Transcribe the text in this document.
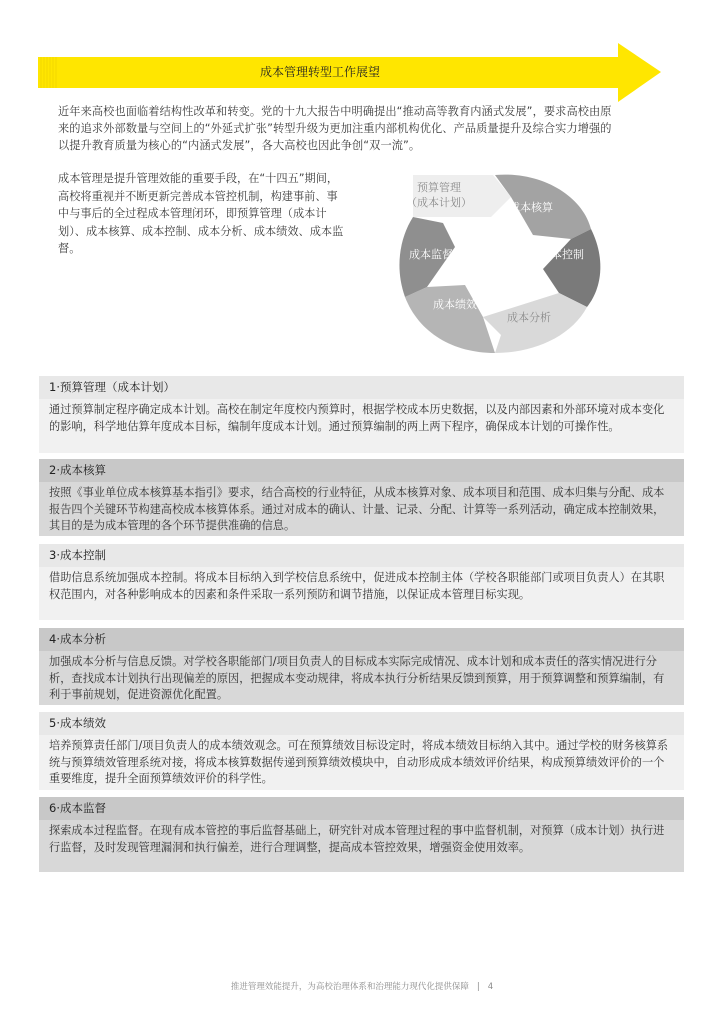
成本管理转型工作展望

近年来高校也面临着结构性改革和转变。党的十九大报告中明确提出“推动高等教育内涵式发展”，要求高校由原来的追求外部数量与空间上的“外延式扩张”转型升级为更加注重内部机构优化、产品质量提升及综合实力增强的以提升教育质量为核心的“内涵式发展”，各大高校也因此争创“双一流”。

成本管理是提升管理效能的重要手段，在“十四五”期间，高校将重视并不断更新完善成本管控机制，构建事前、事中与事后的全过程成本管理闭环，即预算管理（成本计划）、成本核算、成本控制、成本分析、成本绩效、成本监督。

预算管理
（成本计划）	成本核算
成本控制
成本分析
成本绩效
成本监督
1·预算管理（成本计划）
通过预算制定程序确定成本计划。高校在制定年度校内预算时，根据学校成本历史数据，以及内部因素和外部环境对成本变化的影响，科学地估算年度成本目标，编制年度成本计划。通过预算编制的两上两下程序，确保成本计划的可操作性。
2·成本核算
按照《事业单位成本核算基本指引》要求，结合高校的行业特征，从成本核算对象、成本项目和范围、成本归集与分配、成本报告四个关键环节构建高校成本核算体系。通过对成本的确认、计量、记录、分配、计算等一系列活动，确定成本控制效果，其目的是为成本管理的各个环节提供准确的信息。
3·成本控制
借助信息系统加强成本控制。将成本目标纳入到学校信息系统中，促进成本控制主体（学校各职能部门或项目负责人）在其职权范围内，对各种影响成本的因素和条件采取一系列预防和调节措施，以保证成本管理目标实现。
4·成本分析
加强成本分析与信息反馈。对学校各职能部门/项目负责人的目标成本实际完成情况、成本计划和成本责任的落实情况进行分析，查找成本计划执行出现偏差的原因，把握成本变动规律，将成本执行分析结果反馈到预算，用于预算调整和预算编制，有利于事前规划，促进资源优化配置。
5·成本绩效
培养预算责任部门/项目负责人的成本绩效观念。可在预算绩效目标设定时，将成本绩效目标纳入其中。通过学校的财务核算系统与预算绩效管理系统对接，将成本核算数据传递到预算绩效模块中，自动形成成本绩效评价结果，构成预算绩效评价的一个重要维度，提升全面预算绩效评价的科学性。
6·成本监督
探索成本过程监督。在现有成本管控的事后监督基础上，研究针对成本管理过程的事中监督机制，对预算（成本计划）执行进行监督，及时发现管理漏洞和执行偏差，进行合理调整，提高成本管控效果，增强资金使用效率。
推进管理效能提升，为高校治理体系和治理能力现代化提供保障 | 4
